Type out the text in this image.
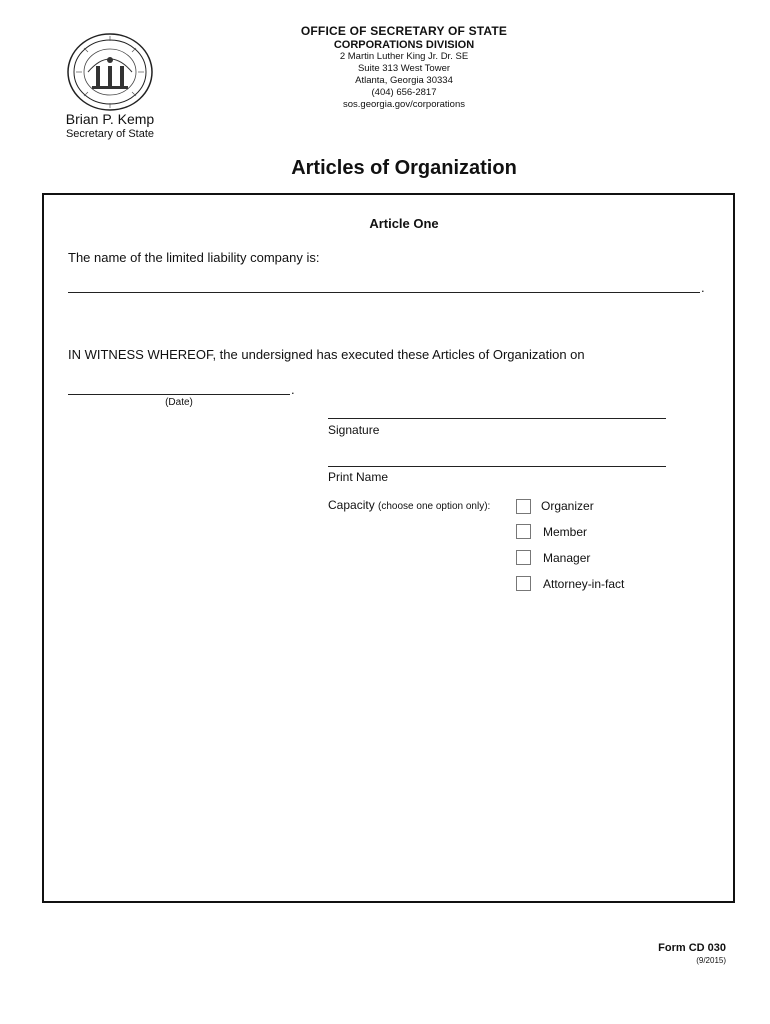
Brian P. Kemp
Secretary of State
OFFICE OF SECRETARY OF STATE
CORPORATIONS DIVISION
2 Martin Luther King Jr. Dr. SE
Suite 313 West Tower
Atlanta, Georgia 30334
(404) 656-2817
sos.georgia.gov/corporations
Articles of Organization
Article One
The name of the limited liability company is:
.
IN WITNESS WHEREOF, the undersigned has executed these Articles of Organization on
.
(Date)
Signature
Print Name
Capacity (choose one option only):	Organizer
Member
Manager
Attorney-in-fact
Form CD 030
(9/2015)
